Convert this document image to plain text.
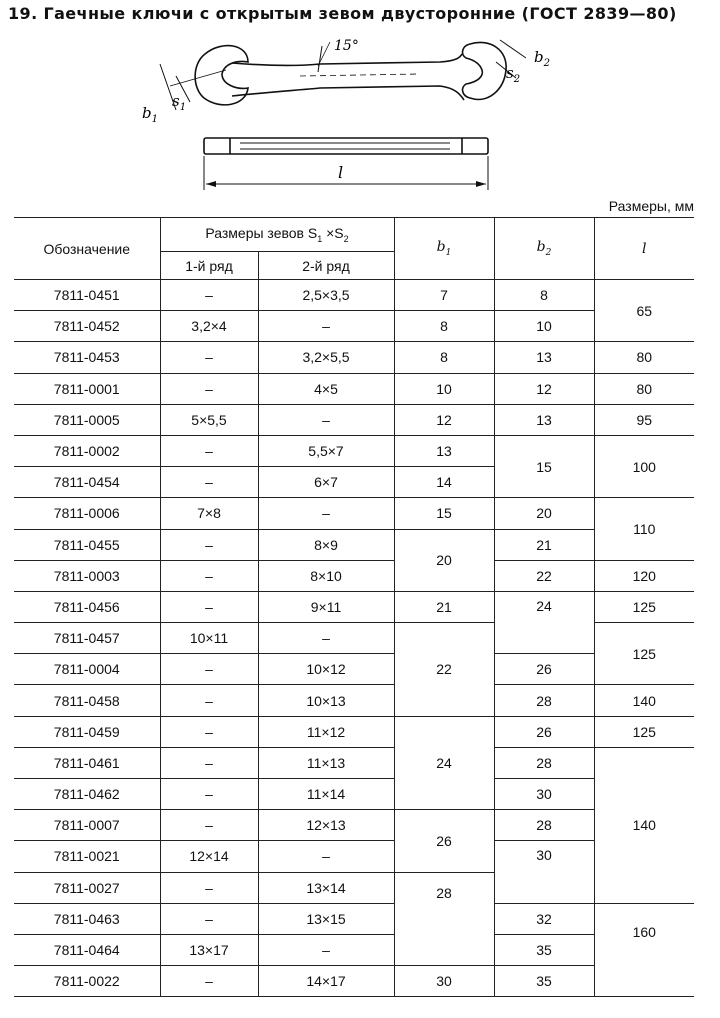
19. Гаечные ключи с открытым зевом двусторонние (ГОСТ 2839—80)
15°
$b_1$
$s_1$
$b_2$
$s_2$
l
Размеры, мм
Обозначение	Размеры зевов $S_1 \times S_2$		$b_1$	$b_2$	l
	1-й ряд	2-й ряд			
7811-0451	–	2,5×3,5	7	8	65
7811-0452	3,2×4	–	8	10	
7811-0453	–	3,2×5,5	8	13	80
7811-0001	–	4×5	10	12	80
7811-0005	5×5,5	–	12	13	95
7811-0002	–	5,5×7	13	15	100
7811-0454	–	6×7	14		
7811-0006	7×8	–	15	20	110
7811-0455	–	8×9	20	21	
7811-0003	–	8×10		22	120
7811-0456	–	9×11	21	24	125
7811-0457	10×11	–	22		125
7811-0004	–	10×12		26	
7811-0458	–	10×13		28	140
7811-0459	–	11×12	24	26	125
7811-0461	–	11×13		28	140
7811-0462	–	11×14		30	
7811-0007	–	12×13	26	28	
7811-0021	12×14	–		30	
7811-0027	–	13×14	28		
7811-0463	–	13×15		32	160
7811-0464	13×17	–		35	
7811-0022	–	14×17	30	35	
